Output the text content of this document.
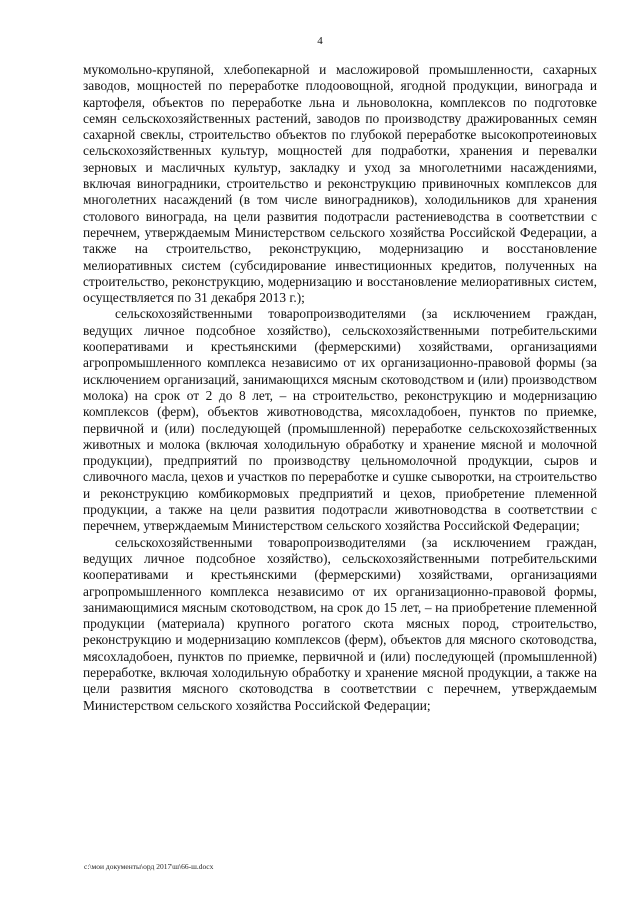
4

мукомольно-крупяной, хлебопекарной и масложировой промышленности, сахарных заводов, мощностей по переработке плодоовощной, ягодной продукции, винограда и картофеля, объектов по переработке льна и льноволокна, комплексов по подготовке семян сельскохозяйственных растений, заводов по производству дражированных семян сахарной свеклы, строительство объектов по глубокой переработке высокопротеиновых сельскохозяйственных культур, мощностей для подработки, хранения и перевалки зерновых и масличных культур, закладку и уход за многолетними насаждениями, включая виноградники, строительство и реконструкцию привиночных комплексов для многолетних насаждений (в том числе виноградников), холодильников для хранения столового винограда, на цели развития подотрасли растениеводства в соответствии с перечнем, утверждаемым Министерством сельского хозяйства Российской Федерации, а также на строительство, реконструкцию, модернизацию и восстановление мелиоративных систем (субсидирование инвестиционных кредитов, полученных на строительство, реконструкцию, модернизацию и восстановление мелиоративных систем, осуществляется по 31 декабря 2013 г.);

сельскохозяйственными товаропроизводителями (за исключением граждан, ведущих личное подсобное хозяйство), сельскохозяйственными потребительскими кооперативами и крестьянскими (фермерскими) хозяйствами, организациями агропромышленного комплекса независимо от их организационно-правовой формы (за исключением организаций, занимающихся мясным скотоводством и (или) производством молока) на срок от 2 до 8 лет, – на строительство, реконструкцию и модернизацию комплексов (ферм), объектов животноводства, мясохладобоен, пунктов по приемке, первичной и (или) последующей (промышленной) переработке сельскохозяйственных животных и молока (включая холодильную обработку и хранение мясной и молочной продукции), предприятий по производству цельномолочной продукции, сыров и сливочного масла, цехов и участков по переработке и сушке сыворотки, на строительство и реконструкцию комбикормовых предприятий и цехов, приобретение племенной продукции, а также на цели развития подотрасли животноводства в соответствии с перечнем, утверждаемым Министерством сельского хозяйства Российской Федерации;

сельскохозяйственными товаропроизводителями (за исключением граждан, ведущих личное подсобное хозяйство), сельскохозяйственными потребительскими кооперативами и крестьянскими (фермерскими) хозяйствами, организациями агропромышленного комплекса независимо от их организационно-правовой формы, занимающимися мясным скотоводством, на срок до 15 лет, – на приобретение племенной продукции (материала) крупного рогатого скота мясных пород, строительство, реконструкцию и модернизацию комплексов (ферм), объектов для мясного скотоводства, мясохладобоен, пунктов по приемке, первичной и (или) последующей (промышленной) переработке, включая холодильную обработку и хранение мясной продукции, а также на цели развития мясного скотоводства в соответствии с перечнем, утверждаемым Министерством сельского хозяйства Российской Федерации;

c:\мои документы\орд 2017\ш\66-ш.docx
